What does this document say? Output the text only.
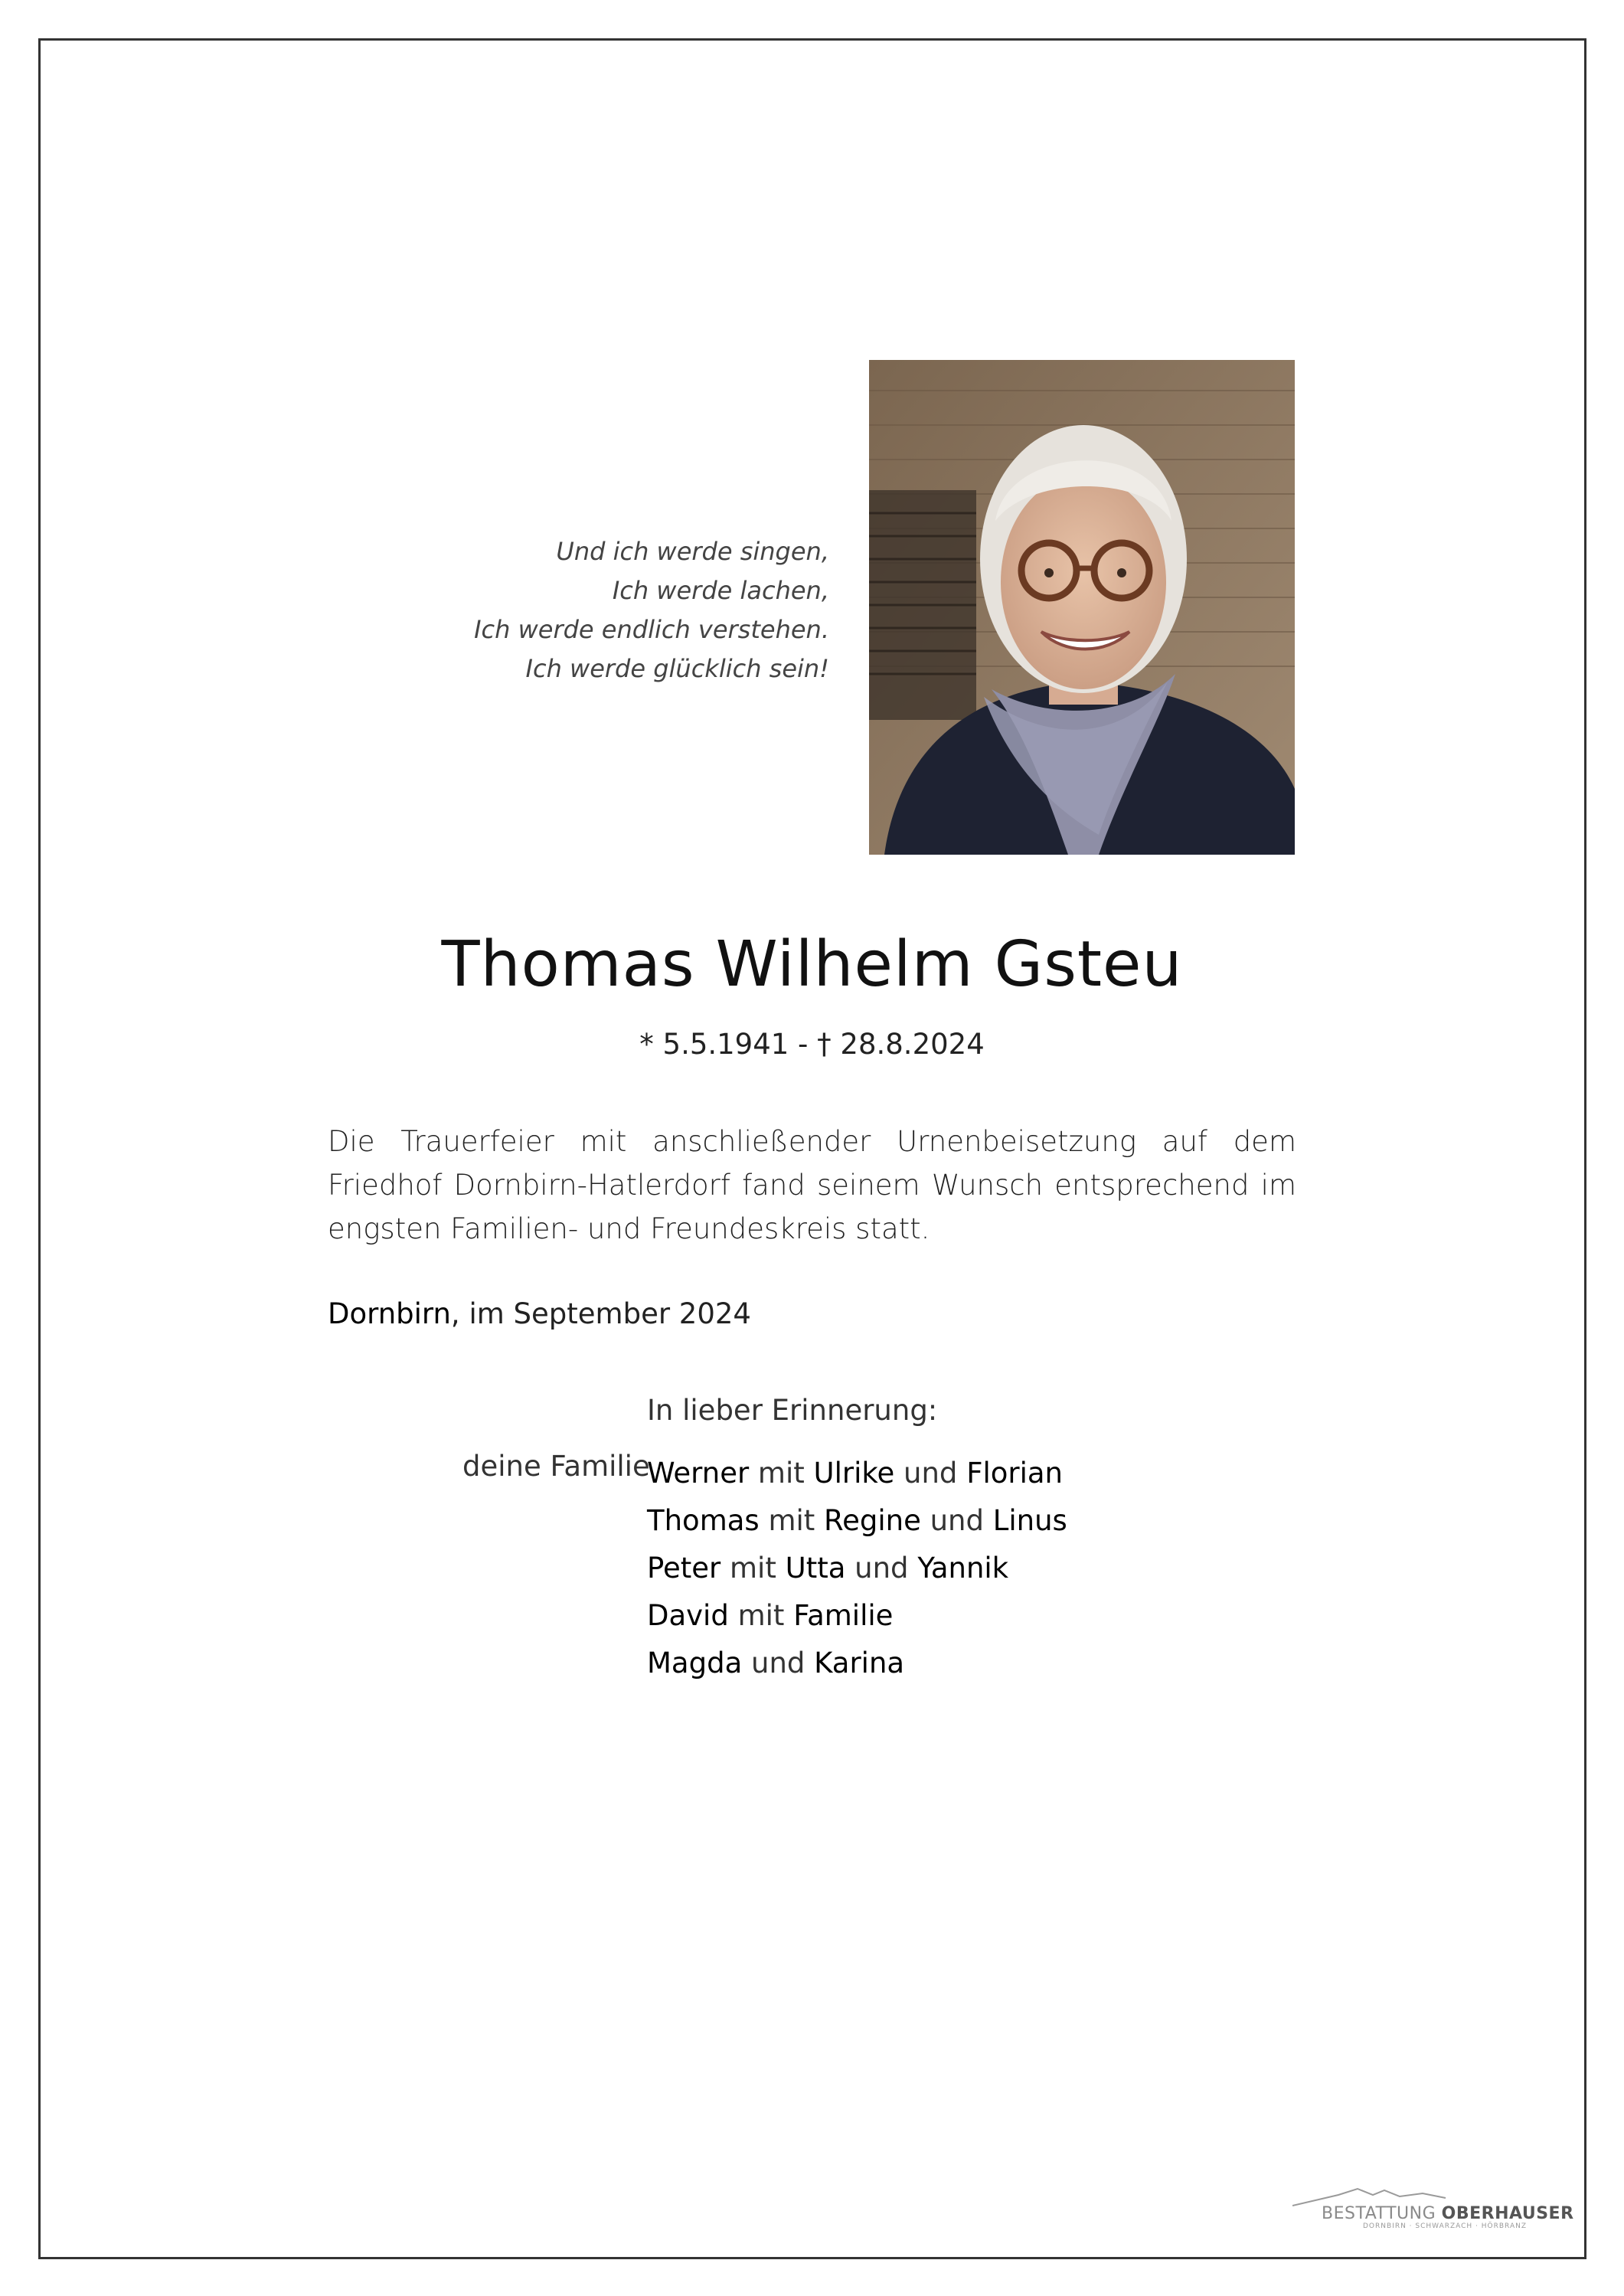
Und ich werde singen,
Ich werde lachen,
Ich werde endlich verstehen.
Ich werde glücklich sein!
Thomas Wilhelm Gsteu
* 5.5.1941 - † 28.8.2024
Die Trauerfeier mit anschließender Urnenbeisetzung auf dem Friedhof Dornbirn-Hatlerdorf fand seinem Wunsch entsprechend im engsten Familien- und Freundeskreis statt.
Dornbirn, im September 2024
In lieber Erinnerung:
deine Familie
Werner mit Ulrike und Florian
Thomas mit Regine und Linus
Peter mit Utta und Yannik
David mit Familie
Magda und Karina
BESTATTUNG OBERHAUSER
DORNBIRN · SCHWARZACH · HÖRBRANZ
